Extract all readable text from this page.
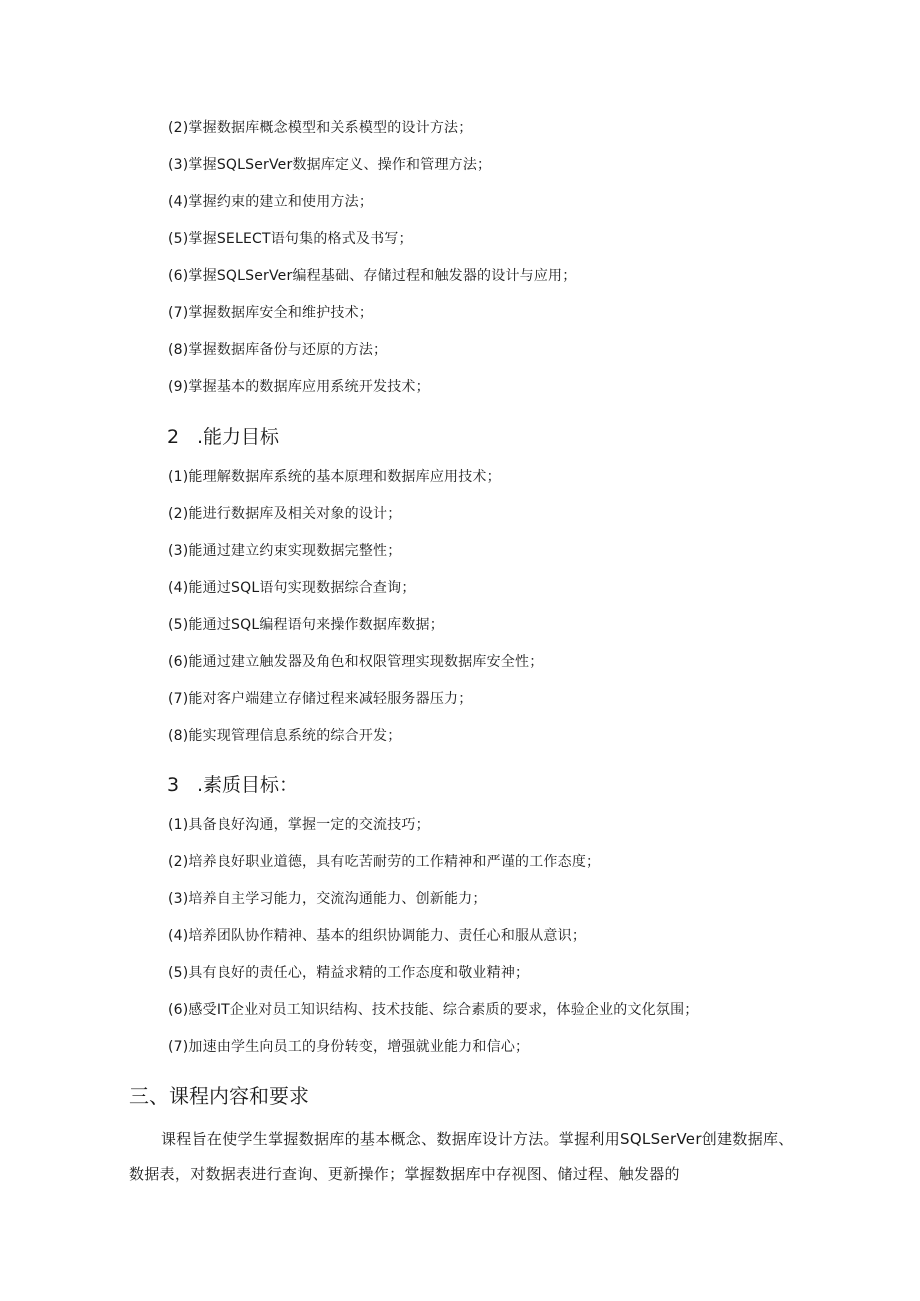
(2)掌握数据库概念模型和关系模型的设计方法；
(3)掌握SQLSerVer数据库定义、操作和管理方法；
(4)掌握约束的建立和使用方法；
(5)掌握SELECT语句集的格式及书写；
(6)掌握SQLSerVer编程基础、存储过程和触发器的设计与应用；
(7)掌握数据库安全和维护技术；
(8)掌握数据库备份与还原的方法；
(9)掌握基本的数据库应用系统开发技术；
2 .能力目标
(1)能理解数据库系统的基本原理和数据库应用技术；
(2)能进行数据库及相关对象的设计；
(3)能通过建立约束实现数据完整性；
(4)能通过SQL语句实现数据综合查询；
(5)能通过SQL编程语句来操作数据库数据；
(6)能通过建立触发器及角色和权限管理实现数据库安全性；
(7)能对客户端建立存储过程来减轻服务器压力；
(8)能实现管理信息系统的综合开发；
3 .素质目标：
(1)具备良好沟通，掌握一定的交流技巧；
(2)培养良好职业道德，具有吃苦耐劳的工作精神和严谨的工作态度；
(3)培养自主学习能力，交流沟通能力、创新能力；
(4)培养团队协作精神、基本的组织协调能力、责任心和服从意识；
(5)具有良好的责任心，精益求精的工作态度和敬业精神；
(6)感受IT企业对员工知识结构、技术技能、综合素质的要求，体验企业的文化氛围；
(7)加速由学生向员工的身份转变，增强就业能力和信心；
三、课程内容和要求
课程旨在使学生掌握数据库的基本概念、数据库设计方法。掌握利用SQLSerVer创建数据库、
数据表，对数据表进行查询、更新操作；掌握数据库中存视图、储过程、触发器的
